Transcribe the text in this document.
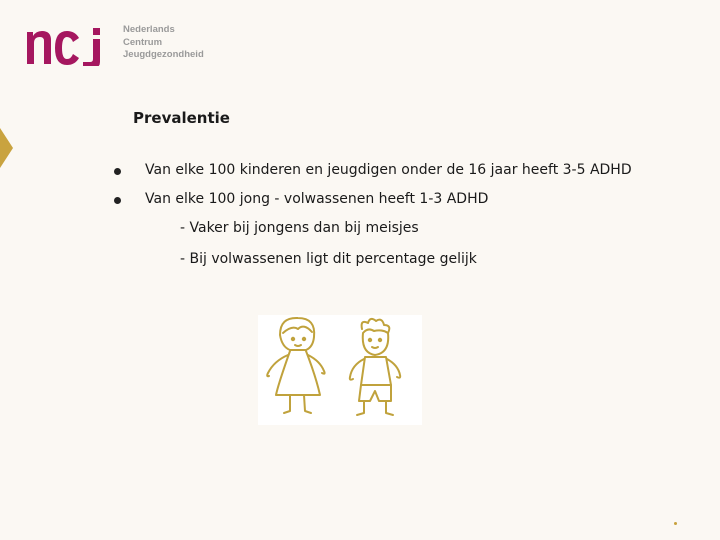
Nederlands
Centrum
Jeugdgezondheid
Prevalentie
Van elke 100 kinderen en jeugdigen onder de 16 jaar heeft 3-5 ADHD
Van elke 100 jong - volwassenen heeft 1-3 ADHD
- Vaker bij jongens dan bij meisjes
- Bij volwassenen ligt dit percentage gelijk
